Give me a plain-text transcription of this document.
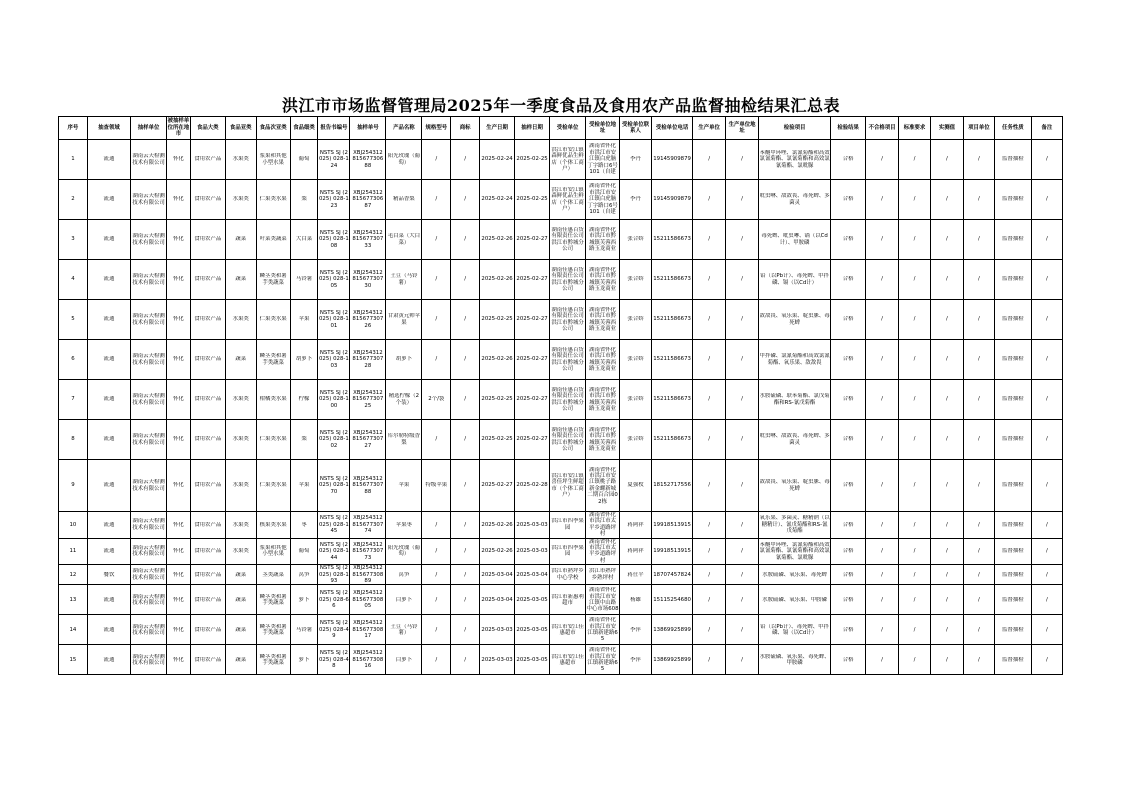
洪江市市场监督管理局2025年一季度食品及食用农产品监督抽检结果汇总表
序号	抽查领域	抽样单位	被抽样单位所在地市	食品大类	食品亚类	食品次亚类	食品细类	报告书编号	抽样单号	产品名称	规格型号	商标	生产日期	抽样日期	受检单位	受检单位地址	受检单位联系人	受检单位电话	生产单位	生产单位地址	检验项目	检验结果	不合格项目	标准要求	实测值	项目单位	任务性质	备注

1	流通	湖南云天检测技术有限公司	怀化	食用农产品	水果类	浆果和其他小型水果	葡萄	NSTS SJ (2025) 028-124	XBJ254312 815677306 88	阳光玫瑰（葡萄）	/	/	2025-02-24	2025-02-25	洪江市安江镇森鲜优品生鲜店（个体工商户）	湖南省怀化市洪江市安江镇白虎脑丁字路口6号101（自建	李丹	19145909879	/	/	苯醚甲环唑、氯氰菊酯和高效氯氰菊酯、氯氰菊酯和高效氯氰菊酯、氯吡脲	合格	/	/	/	/	监督抽检	/

2	流通	湖南云天检测技术有限公司	怀化	食用农产品	水果类	仁果类水果	梨	NSTS SJ (2025) 028-123	XBJ254312 815677306 87	精品香梨	/	/	2025-02-24	2025-02-25	洪江市安江镇森鲜优品生鲜店（个体工商户）	湖南省怀化市洪江市安江镇白虎脑丁字路口6号101（自建	李丹	19145909879	/	/	吡虫啉、敌敌畏、毒死蜱、多菌灵	合格	/	/	/	/	监督抽检	/

3	流通	湖南云天检测技术有限公司	怀化	食用农产品	蔬菜	叶菜类蔬菜	大白菜	NSTS SJ (2025) 028-108	XBJ254312 815677307 33	毛白菜（大白菜）	/	/	2025-02-26	2025-02-27	湖南佳惠百货有限责任公司洪江市黔城分公司	湖南省怀化市洪江市黔城镇芙蓉西路玉龙商业	张合娇	15211586673	/	/	毒死蜱、吡虫啉、镉（以Cd计）、甲胺磷	合格	/	/	/	/	监督抽检	/

4	流通	湖南云天检测技术有限公司	怀化	食用农产品	蔬菜	鳞茎类和薯芋类蔬菜	马铃薯	NSTS SJ (2025) 028-105	XBJ254312 815677307 30	土豆（马铃薯）	/	/	2025-02-26	2025-02-27	湖南佳惠百货有限责任公司洪江市黔城分公司	湖南省怀化市洪江市黔城镇芙蓉西路玉龙商业	张合娇	15211586673	/	/	铅（以Pb计）、毒死蜱、甲拌磷、镉（以Cd计）	合格	/	/	/	/	监督抽检	/

5	流通	湖南云天检测技术有限公司	怀化	食用农产品	水果类	仁果类水果	苹果	NSTS SJ (2025) 028-101	XBJ254312 815677307 26	甘肃黄元帅苹果	/	/	2025-02-25	2025-02-27	湖南佳惠百货有限责任公司洪江市黔城分公司	湖南省怀化市洪江市黔城镇芙蓉西路玉龙商业	张合娇	15211586673	/	/	敌敌畏、氧乐果、啶虫脒、毒死蜱	合格	/	/	/	/	监督抽检	/

6	流通	湖南云天检测技术有限公司	怀化	食用农产品	蔬菜	鳞茎类和薯芋类蔬菜	胡萝卜	NSTS SJ (2025) 028-103	XBJ254312 815677307 28	胡萝卜	/	/	2025-02-26	2025-02-27	湖南佳惠百货有限责任公司洪江市黔城分公司	湖南省怀化市洪江市黔城镇芙蓉西路玉龙商业	张合娇	15211586673	/	/	甲拌磷、氯氰菊酯和高效氯氰菊酯、氧乐果、敌敌畏	合格	/	/	/	/	监督抽检	/

7	流通	湖南云天检测技术有限公司	怀化	食用农产品	水果类	柑橘类水果	柠檬	NSTS SJ (2025) 028-100	XBJ254312 815677307 25	精选柠檬（2个装）	2个/袋	/	2025-02-25	2025-02-27	湖南佳惠百货有限责任公司洪江市黔城分公司	湖南省怀化市洪江市黔城镇芙蓉西路玉龙商业	张合娇	15211586673	/	/	水胺硫磷、联苯菊酯、氯戊菊酯和RS-氰戊菊酯	合格	/	/	/	/	监督抽检	/

8	流通	湖南云天检测技术有限公司	怀化	食用农产品	水果类	仁果类水果	梨	NSTS SJ (2025) 028-102	XBJ254312 815677307 27	库尔勒特级香梨	/	/	2025-02-25	2025-02-27	湖南佳惠百货有限责任公司洪江市黔城分公司	湖南省怀化市洪江市黔城镇芙蓉西路玉龙商业	张合娇	15211586673	/	/	吡虫啉、敌敌畏、毒死蜱、多菌灵	合格	/	/	/	/	监督抽检	/

9	流通	湖南云天检测技术有限公司	怀化	食用农产品	水果类	仁果类水果	苹果	NSTS SJ (2025) 028-170	XBJ254312 815677307 88	苹果	特级苹果	/	2025-02-27	2025-02-28	洪江市安江镇喜佳坪生鲜超市（个体工商户）	湖南省怀化市洪江市安江镇桃子路新金螺新城二期百合园02栋	夏强枚	18152717556	/	/	敌敌畏、氧乐果、啶虫脒、毒死蜱	合格	/	/	/	/	监督抽检	/

10	流通	湖南云天检测技术有限公司	怀化	食用农产品	水果类	核果类水果	枣	NSTS SJ (2025) 028-145	XBJ254312 815677307 74	苹果枣	/	/	2025-02-26	2025-03-03	洪江市四季果园	湖南省怀化市洪江市太平乡道路坪村	蒋阿祥	19918513915	/	/	氧乐果、多菌灵、糖精钠（以糖精计）、氰戊菊酯和RS-氰戊菊酯	合格	/	/	/	/	监督抽检	/

11	流通	湖南云天检测技术有限公司	怀化	食用农产品	水果类	浆果和其他小型水果	葡萄	NSTS SJ (2025) 028-144	XBJ254312 815677307 73	阳光玫瑰（葡萄）	/	/	2025-02-26	2025-03-03	洪江市四季果园	湖南省怀化市洪江市太平乡道路坪村	蒋阿祥	19918513915	/	/	苯醚甲环唑、氯氰菊酯和高效氯氰菊酯、氯氰菊酯和高效氯氰菊酯、氯吡脲	合格	/	/	/	/	监督抽检	/

12	餐饮	湖南云天检测技术有限公司	怀化	食用农产品	蔬菜	茎类蔬菜	莴笋	NSTS SJ (2025) 028-193	XBJ254312 815677308 89	莴笋	/	/	2025-03-04	2025-03-04	洪江市熟坪乡中心学校	洪江市熟坪乡熟坪村	蒋仕平	18707457824	/	/	水胺硫磷、氧乐果、毒死蜱	合格	/	/	/	/	监督抽检	/

13	流通	湖南云天检测技术有限公司	怀化	食用农产品	蔬菜	鳞茎类和薯芋类蔬菜	萝卜	NSTS SJ (2025) 028-66	XBJ254312 815677308 05	白萝卜	/	/	2025-03-04	2025-03-05	洪江市新惠利超市	湖南省怀化市洪江市安江镇中山路中心市场608	杨雄	15115254680	/	/	水胺硫磷、氧乐果、甲胺磷	合格	/	/	/	/	监督抽检	/

14	流通	湖南云天检测技术有限公司	怀化	食用农产品	蔬菜	鳞茎类和薯芋类蔬菜	马铃薯	NSTS SJ (2025) 028-49	XBJ254312 815677308 17	土豆（马铃薯）	/	/	2025-03-03	2025-03-05	洪江市安江佳惠超市	湖南省怀化市洪江市安江镇新建路65	李萍	13869925899	/	/	铅（以Pb计）、毒死蜱、甲拌磷、镉（以Cd计）	合格	/	/	/	/	监督抽检	/

15	流通	湖南云天检测技术有限公司	怀化	食用农产品	蔬菜	鳞茎类和薯芋类蔬菜	萝卜	NSTS SJ (2025) 028-48	XBJ254312 815677308 16	白萝卜	/	/	2025-03-03	2025-03-05	洪江市安江佳惠超市	湖南省怀化市洪江市安江镇新建路65	李萍	13869925899	/	/	水胺硫磷、氧乐果、毒死蜱、甲胺磷	合格	/	/	/	/	监督抽检	/
